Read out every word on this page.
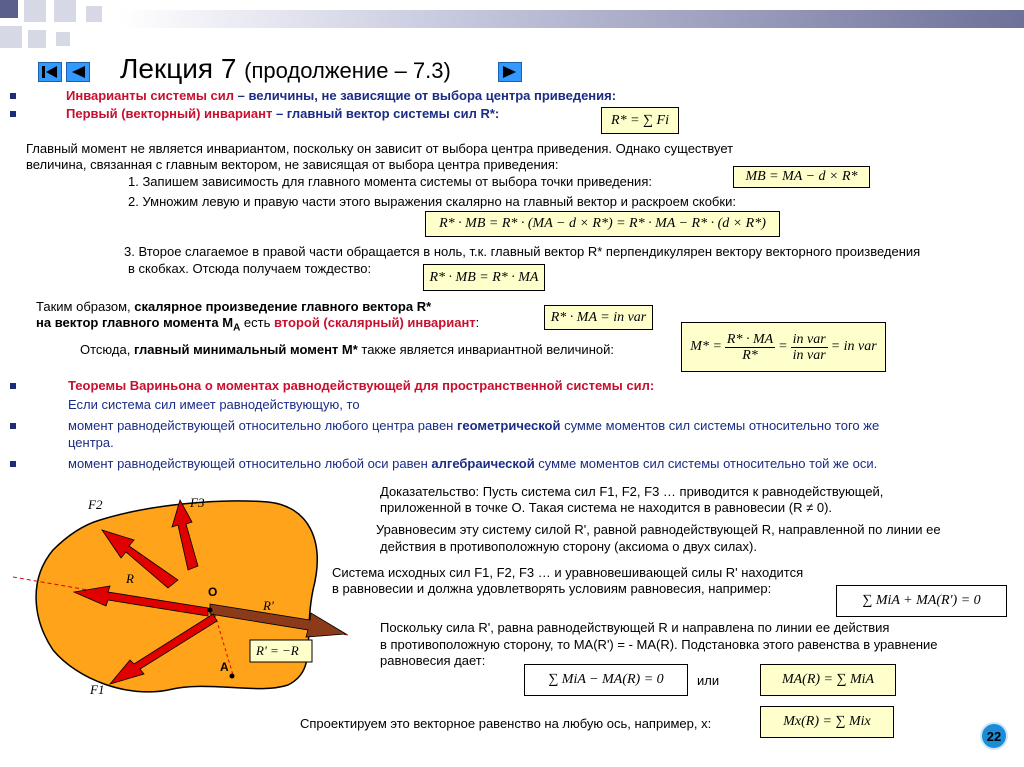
Лекция 7 (продолжение – 7.3)
Инварианты системы сил – величины, не зависящие от выбора центра приведения:
Первый (векторный) инвариант – главный вектор системы сил R*:	R* = ∑ Fi
Главный момент не является инвариантом, поскольку он зависит от выбора центра приведения. Однако существует
величина, связанная с главным вектором, не зависящая от выбора центра приведения:
1. Запишем зависимость для главного момента системы от выбора точки приведения:	MB = MA − d × R*
2. Умножим левую и правую части этого выражения скалярно на главный вектор и раскроем скобки:
R* · MB = R* · (MA − d × R*) = R* · MA − R* · (d × R*)
3. Второе слагаемое в правой части обращается в ноль, т.к. главный вектор R* перпендикулярен вектору векторного произведения
в скобках. Отсюда получаем тождество:
R* · MB = R* · MA
Таким образом, скалярное произведение главного вектора R*
на вектор главного момента $M_A$ есть второй (скалярный) инвариант:	R* · MA = in var
Отсюда, главный минимальный момент M* также является инвариантной величиной:	$M* = \frac{R* \cdot MA}{R*} = \frac{\text{in var}}{\text{in var}}$ = in var
Теоремы Вариньона о моментах равнодействующей для пространственной системы сил:
Если система сил имеет равнодействующую, то
момент равнодействующей относительно любого центра равен геометрической сумме моментов сил системы относительно того же
центра.
момент равнодействующей относительно любой оси равен алгебраической сумме моментов сил системы относительно той же оси.
F2	F3
R
O
R'
R' = −R
A
F1
Доказательство: Пусть система сил F1, F2, F3 … приводится к равнодействующей,
приложенной в точке O. Такая система не находится в равновесии (R ≠ 0).
Уравновесим эту систему силой R', равной равнодействующей R, направленной по линии ее
действия в противоположную сторону (аксиома о двух силах).
Система исходных сил F1, F2, F3 … и уравновешивающей силы R' находится
в равновесии и должна удовлетворять условиям равновесия, например:
∑ MiA + MA(R') = 0
Поскольку сила R', равна равнодействующей R и направлена по линии ее действия
в противоположную сторону, то MA(R') = - MA(R). Подстановка этого равенства в уравнение
равновесия дает:
∑ MiA − MA(R) = 0	или	MA(R) = ∑ MiA
Спроектируем это векторное равенство на любую ось, например, x:	Mx(R) = ∑ Mix
22
